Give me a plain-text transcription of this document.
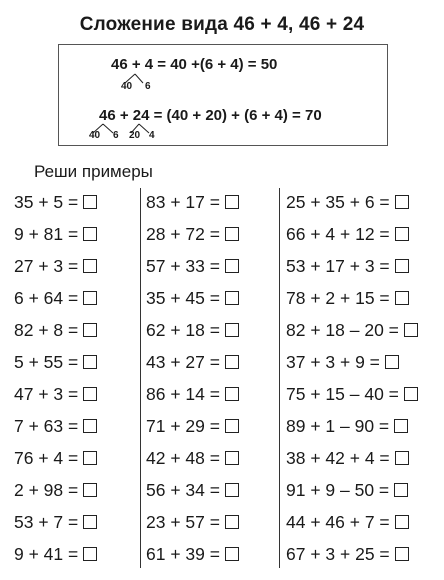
Сложение вида 46 + 4, 46 + 24
46 + 4 = 40 +(6 + 4) = 50
40 6
46 + 24 = (40 + 20) + (6 + 4) = 70
40 6 20 4
Реши примеры
35 + 5 =
9 + 81 =
27 + 3 =
6 + 64 =
82 + 8 =
5 + 55 =
47 + 3 =
7 + 63 =
76 + 4 =
2 + 98 =
53 + 7 =
9 + 41 =
83 + 17 =
28 + 72 =
57 + 33 =
35 + 45 =
62 + 18 =
43 + 27 =
86 + 14 =
71 + 29 =
42 + 48 =
56 + 34 =
23 + 57 =
61 + 39 =
25 + 35 + 6 =
66 + 4 + 12 =
53 + 17 + 3 =
78 + 2 + 15 =
82 + 18 – 20 =
37 + 3 + 9 =
75 + 15 – 40 =
89 + 1 – 90 =
38 + 42 + 4 =
91 + 9 – 50 =
44 + 46 + 7 =
67 + 3 + 25 =
